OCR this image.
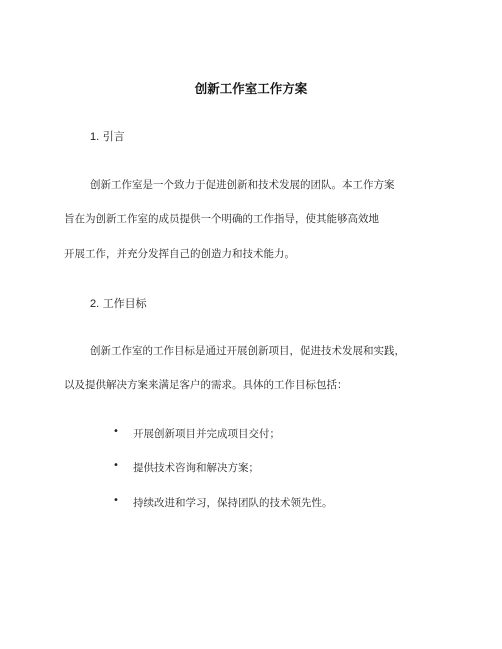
创新工作室工作方案
1. 引言
创新工作室是一个致力于促进创新和技术发展的团队。本工作方案
旨在为创新工作室的成员提供一个明确的工作指导，使其能够高效地
开展工作，并充分发挥自己的创造力和技术能力。
2. 工作目标
创新工作室的工作目标是通过开展创新项目，促进技术发展和实践，
以及提供解决方案来满足客户的需求。具体的工作目标包括：
• 开展创新项目并完成项目交付；
• 提供技术咨询和解决方案；
• 持续改进和学习，保持团队的技术领先性。
